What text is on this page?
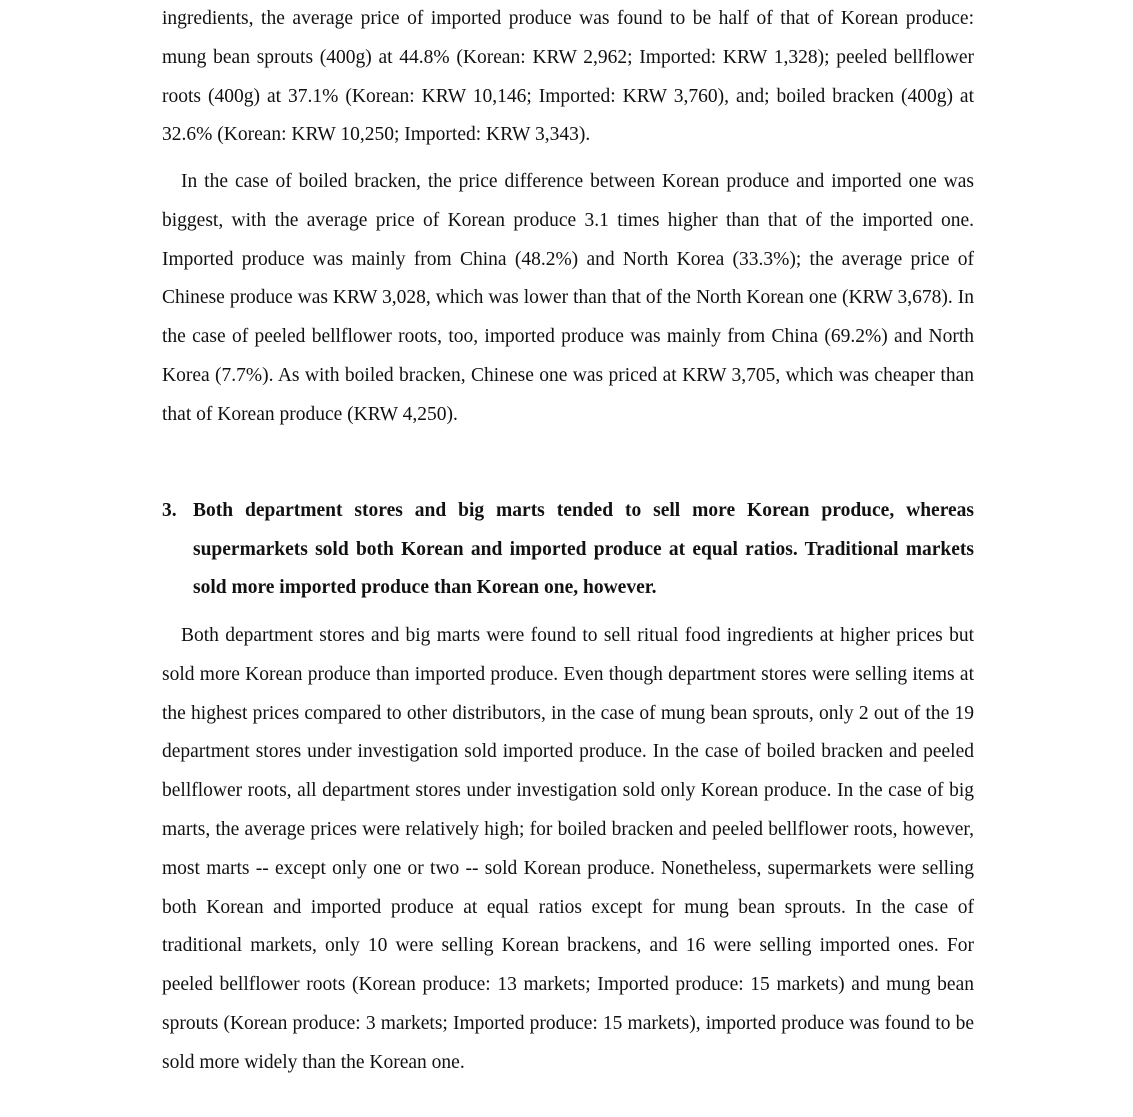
ingredients, the average price of imported produce was found to be half of that of Korean produce: mung bean sprouts (400g) at 44.8% (Korean: KRW 2,962; Imported: KRW 1,328); peeled bellflower roots (400g) at 37.1% (Korean: KRW 10,146; Imported: KRW 3,760), and; boiled bracken (400g) at 32.6% (Korean: KRW 10,250; Imported: KRW 3,343).

In the case of boiled bracken, the price difference between Korean produce and imported one was biggest, with the average price of Korean produce 3.1 times higher than that of the imported one. Imported produce was mainly from China (48.2%) and North Korea (33.3%); the average price of Chinese produce was KRW 3,028, which was lower than that of the North Korean one (KRW 3,678). In the case of peeled bellflower roots, too, imported produce was mainly from China (69.2%) and North Korea (7.7%). As with boiled bracken, Chinese one was priced at KRW 3,705, which was cheaper than that of Korean produce (KRW 4,250).

3. Both department stores and big marts tended to sell more Korean produce, whereas supermarkets sold both Korean and imported produce at equal ratios. Traditional markets sold more imported produce than Korean one, however.

Both department stores and big marts were found to sell ritual food ingredients at higher prices but sold more Korean produce than imported produce. Even though department stores were selling items at the highest prices compared to other distributors, in the case of mung bean sprouts, only 2 out of the 19 department stores under investigation sold imported produce. In the case of boiled bracken and peeled bellflower roots, all department stores under investigation sold only Korean produce. In the case of big marts, the average prices were relatively high; for boiled bracken and peeled bellflower roots, however, most marts -- except only one or two -- sold Korean produce. Nonetheless, supermarkets were selling both Korean and imported produce at equal ratios except for mung bean sprouts. In the case of traditional markets, only 10 were selling Korean brackens, and 16 were selling imported ones. For peeled bellflower roots (Korean produce: 13 markets; Imported produce: 15 markets) and mung bean sprouts (Korean produce: 3 markets; Imported produce: 15 markets), imported produce was found to be sold more widely than the Korean one.
